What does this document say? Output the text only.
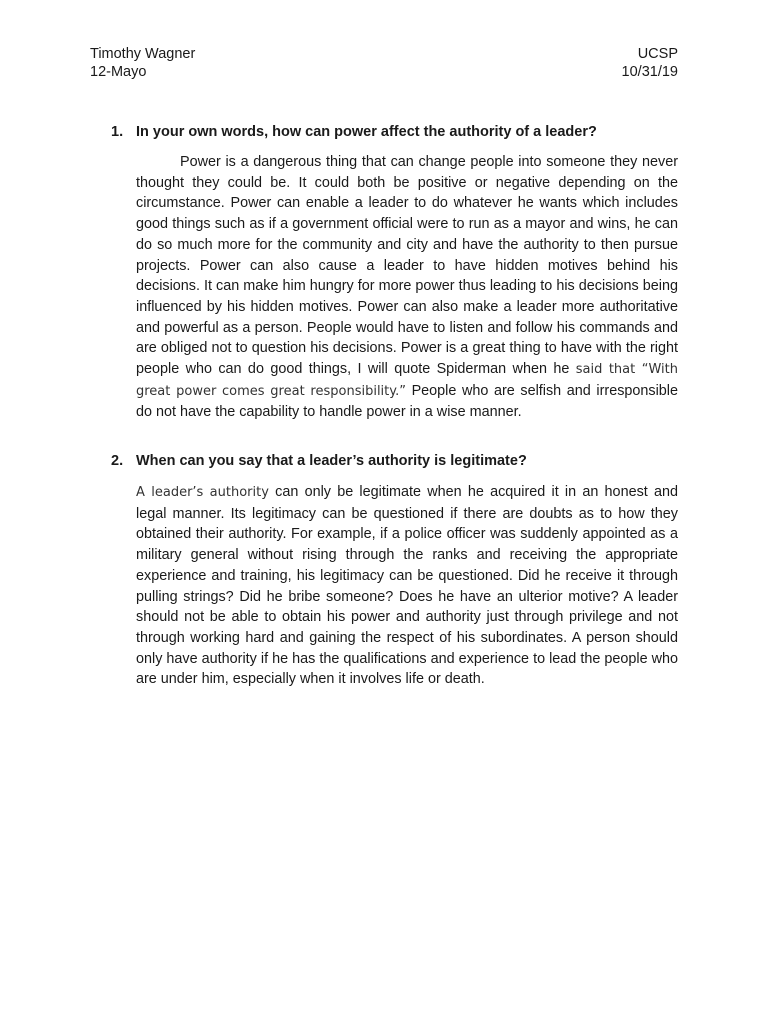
Timothy Wagner	UCSP
12-Mayo	10/31/19
1. In your own words, how can power affect the authority of a leader?

Power is a dangerous thing that can change people into someone they never thought they could be. It could both be positive or negative depending on the circumstance. Power can enable a leader to do whatever he wants which includes good things such as if a government official were to run as a mayor and wins, he can do so much more for the community and city and have the authority to then pursue projects. Power can also cause a leader to have hidden motives behind his decisions. It can make him hungry for more power thus leading to his decisions being influenced by his hidden motives. Power can also make a leader more authoritative and powerful as a person. People would have to listen and follow his commands and are obliged not to question his decisions. Power is a great thing to have with the right people who can do good things, I will quote Spiderman when he said that “With great power comes great responsibility.” People who are selfish and irresponsible do not have the capability to handle power in a wise manner.

2. When can you say that a leader’s authority is legitimate?

A leader’s authority can only be legitimate when he acquired it in an honest and legal manner. Its legitimacy can be questioned if there are doubts as to how they obtained their authority. For example, if a police officer was suddenly appointed as a military general without rising through the ranks and receiving the appropriate experience and training, his legitimacy can be questioned. Did he receive it through pulling strings? Did he bribe someone? Does he have an ulterior motive? A leader should not be able to obtain his power and authority just through privilege and not through working hard and gaining the respect of his subordinates. A person should only have authority if he has the qualifications and experience to lead the people who are under him, especially when it involves life or death.
